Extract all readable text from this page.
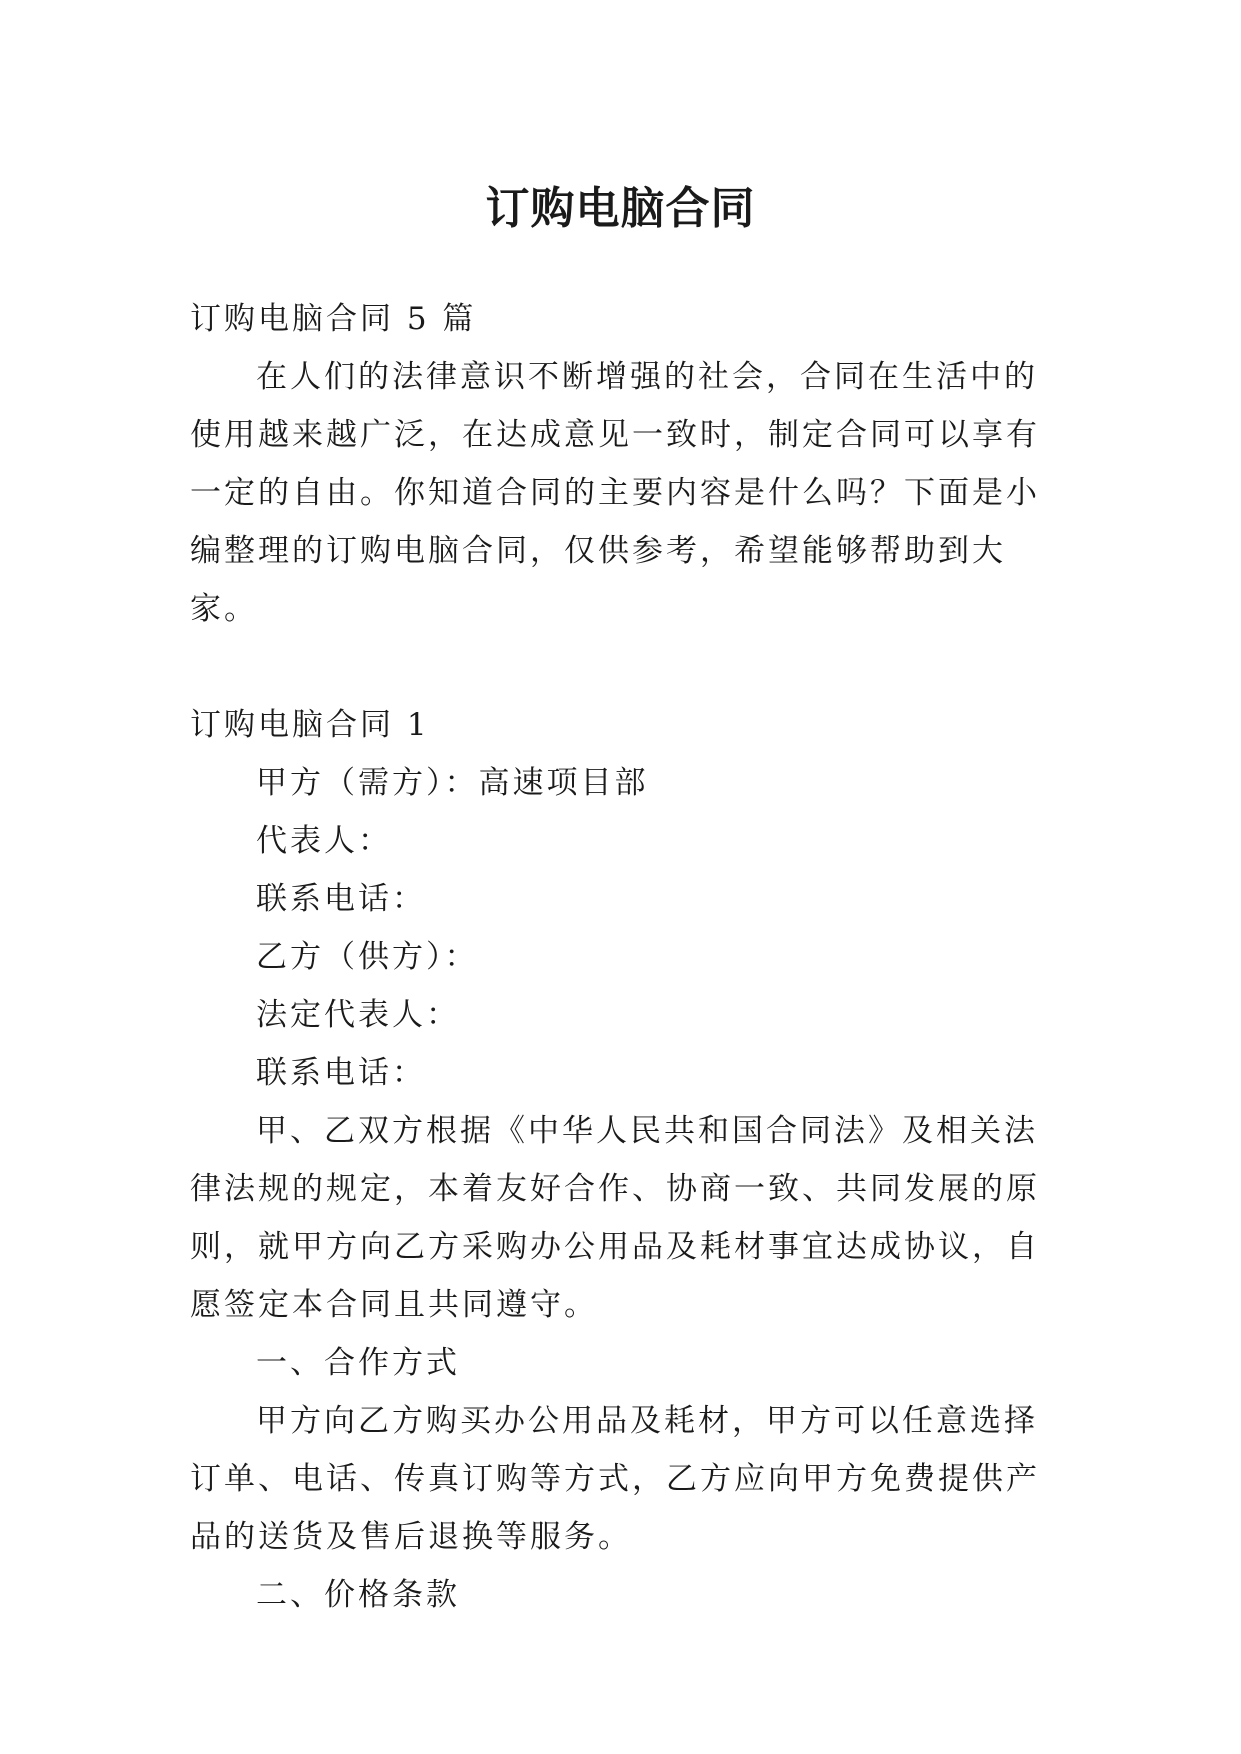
订购电脑合同

订购电脑合同 5 篇

在人们的法律意识不断增强的社会，合同在生活中的使用越来越广泛，在达成意见一致时，制定合同可以享有一定的自由。你知道合同的主要内容是什么吗？下面是小编整理的订购电脑合同，仅供参考，希望能够帮助到大家。

订购电脑合同 1

甲方（需方）：高速项目部

代表人：

联系电话：

乙方（供方）：

法定代表人：

联系电话：

甲、乙双方根据《中华人民共和国合同法》及相关法律法规的规定，本着友好合作、协商一致、共同发展的原则，就甲方向乙方采购办公用品及耗材事宜达成协议，自愿签定本合同且共同遵守。

一、合作方式

甲方向乙方购买办公用品及耗材，甲方可以任意选择订单、电话、传真订购等方式，乙方应向甲方免费提供产品的送货及售后退换等服务。

二、价格条款
